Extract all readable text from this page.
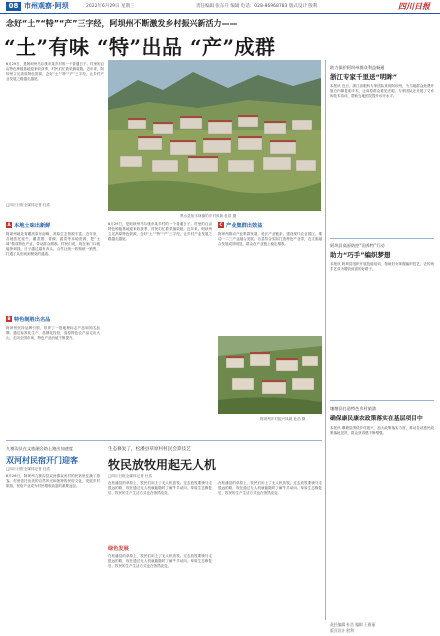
08 市州观察·阿坝	2022年6月29日 星期三	责任编辑 张东升 编辑 电话：028-86968783 版式设计 殷利	四川日报
念好“土”“特”“产”三字经，阿坝州不断激发乡村振兴新活力——
“土”有味 “特”出品 “产”成群
6月29日，是阿坝州马尔康市某乡村的一个普通日子。村里的百亩特色种植基地迎来收获季，村民们忙着采摘装箱。近年来，阿坝州立足高原特色资源，念好“土”“特”“产”三字经，让乡村产业发展之路越走越宽。
□四川日报全媒体记者 杜浩
黑水县知木林镇的乡村风貌 杜浩 摄
助力保护阿坝州群众利益畅通
浙江专家千里送“明眸”
本报讯 近日，浙江省眼科专家团队来到阿坝州，为当地群众免费开展白内障复明手术，让高原群众重见光明。专家团队还开展了义诊和技术培训，帮助当地医院提升诊疗水平。
阿坝县高原防控“国养特”行动
助力“巧手”编织梦想
本报讯 阿坝县组织开展技能培训，帮助妇女掌握编织技艺，让传统手艺成为增收致富的好路子。
壤塘县打造特色乡村旅游
确保康民康农政策落实在基层项目中
本报讯 壤塘县围绕乡村振兴，加大政策落实力度，推动各项惠民政策落地见效，群众获得感不断增强。
A 本地土味出新鲜
阿坝州地处青藏高原东南缘，高原生态资源丰富。近年来，各地依托牦牛、藏香猪、青稞、蔬菜等本地资源，把“土味”做成特色产业，带动群众增收。村民们说，现在家门口就能挣到钱，日子越过越有奔头。合作社统一收购统一销售，打通了从田间到餐桌的通道。
B 特色制胜出名品
阿坝州坚持品牌引领，培育了一批地理标志产品和知名品牌。通过标准化生产、品牌化经营，高原特色农产品走出大山，走向全国市场，特色产品价值不断提升。
6月29日，是阿坝州马尔康市某乡村的一个普通日子。村里的百亩特色种植基地迎来收获季，村民们忙着采摘装箱。近年来，阿坝州立足高原特色资源，念好“土”“特”“产”三字经，让乡村产业发展之路越走越宽。
C 产业集群出效益
阿坝州推动产业集群发展，延长产业链条，建设现代农业园区，推动一二三产业融合发展。各县结合实际打造特色产业带，农文旅融合发展成效明显，群众在产业链上稳定增收。
阿坝州乡村振兴风貌 杜浩 摄
九寨沟县在文旅融合路上跑出加速度
双河村民宿开门迎客
□四川日报全媒体记者 杜浩
6月26日，阿坝州九寨沟县双河镇双河村的民宿里住满了游客。村里依托优美的自然风光和独特的民俗文化，发展乡村旅游，民宿产业成为村民增收致富的重要途径。
生态修复了，松潘县草原村村民会算技艺
牧民放牧用起无人机
□四川日报全媒体记者 杜浩
在松潘县的草原上，牧民们用上了无人机放牧。过去放牧要骑马走很远的路，现在通过无人机就能随时了解牛羊动向。草原生态修复后，牧民的生产生活方式也在悄然改变。
绿色发展
在松潘县的草原上，牧民们用上了无人机放牧。过去放牧要骑马走很远的路，现在通过无人机就能随时了解牛羊动向。草原生态修复后，牧民的生产生活方式也在悄然改变。
在松潘县的草原上，牧民们用上了无人机放牧。过去放牧要骑马走很远的路，现在通过无人机就能随时了解牛羊动向。草原生态修复后，牧民的生产生活方式也在悄然改变。
责任编辑 杜浩 编辑 王雅丽
版式设计 殷利
